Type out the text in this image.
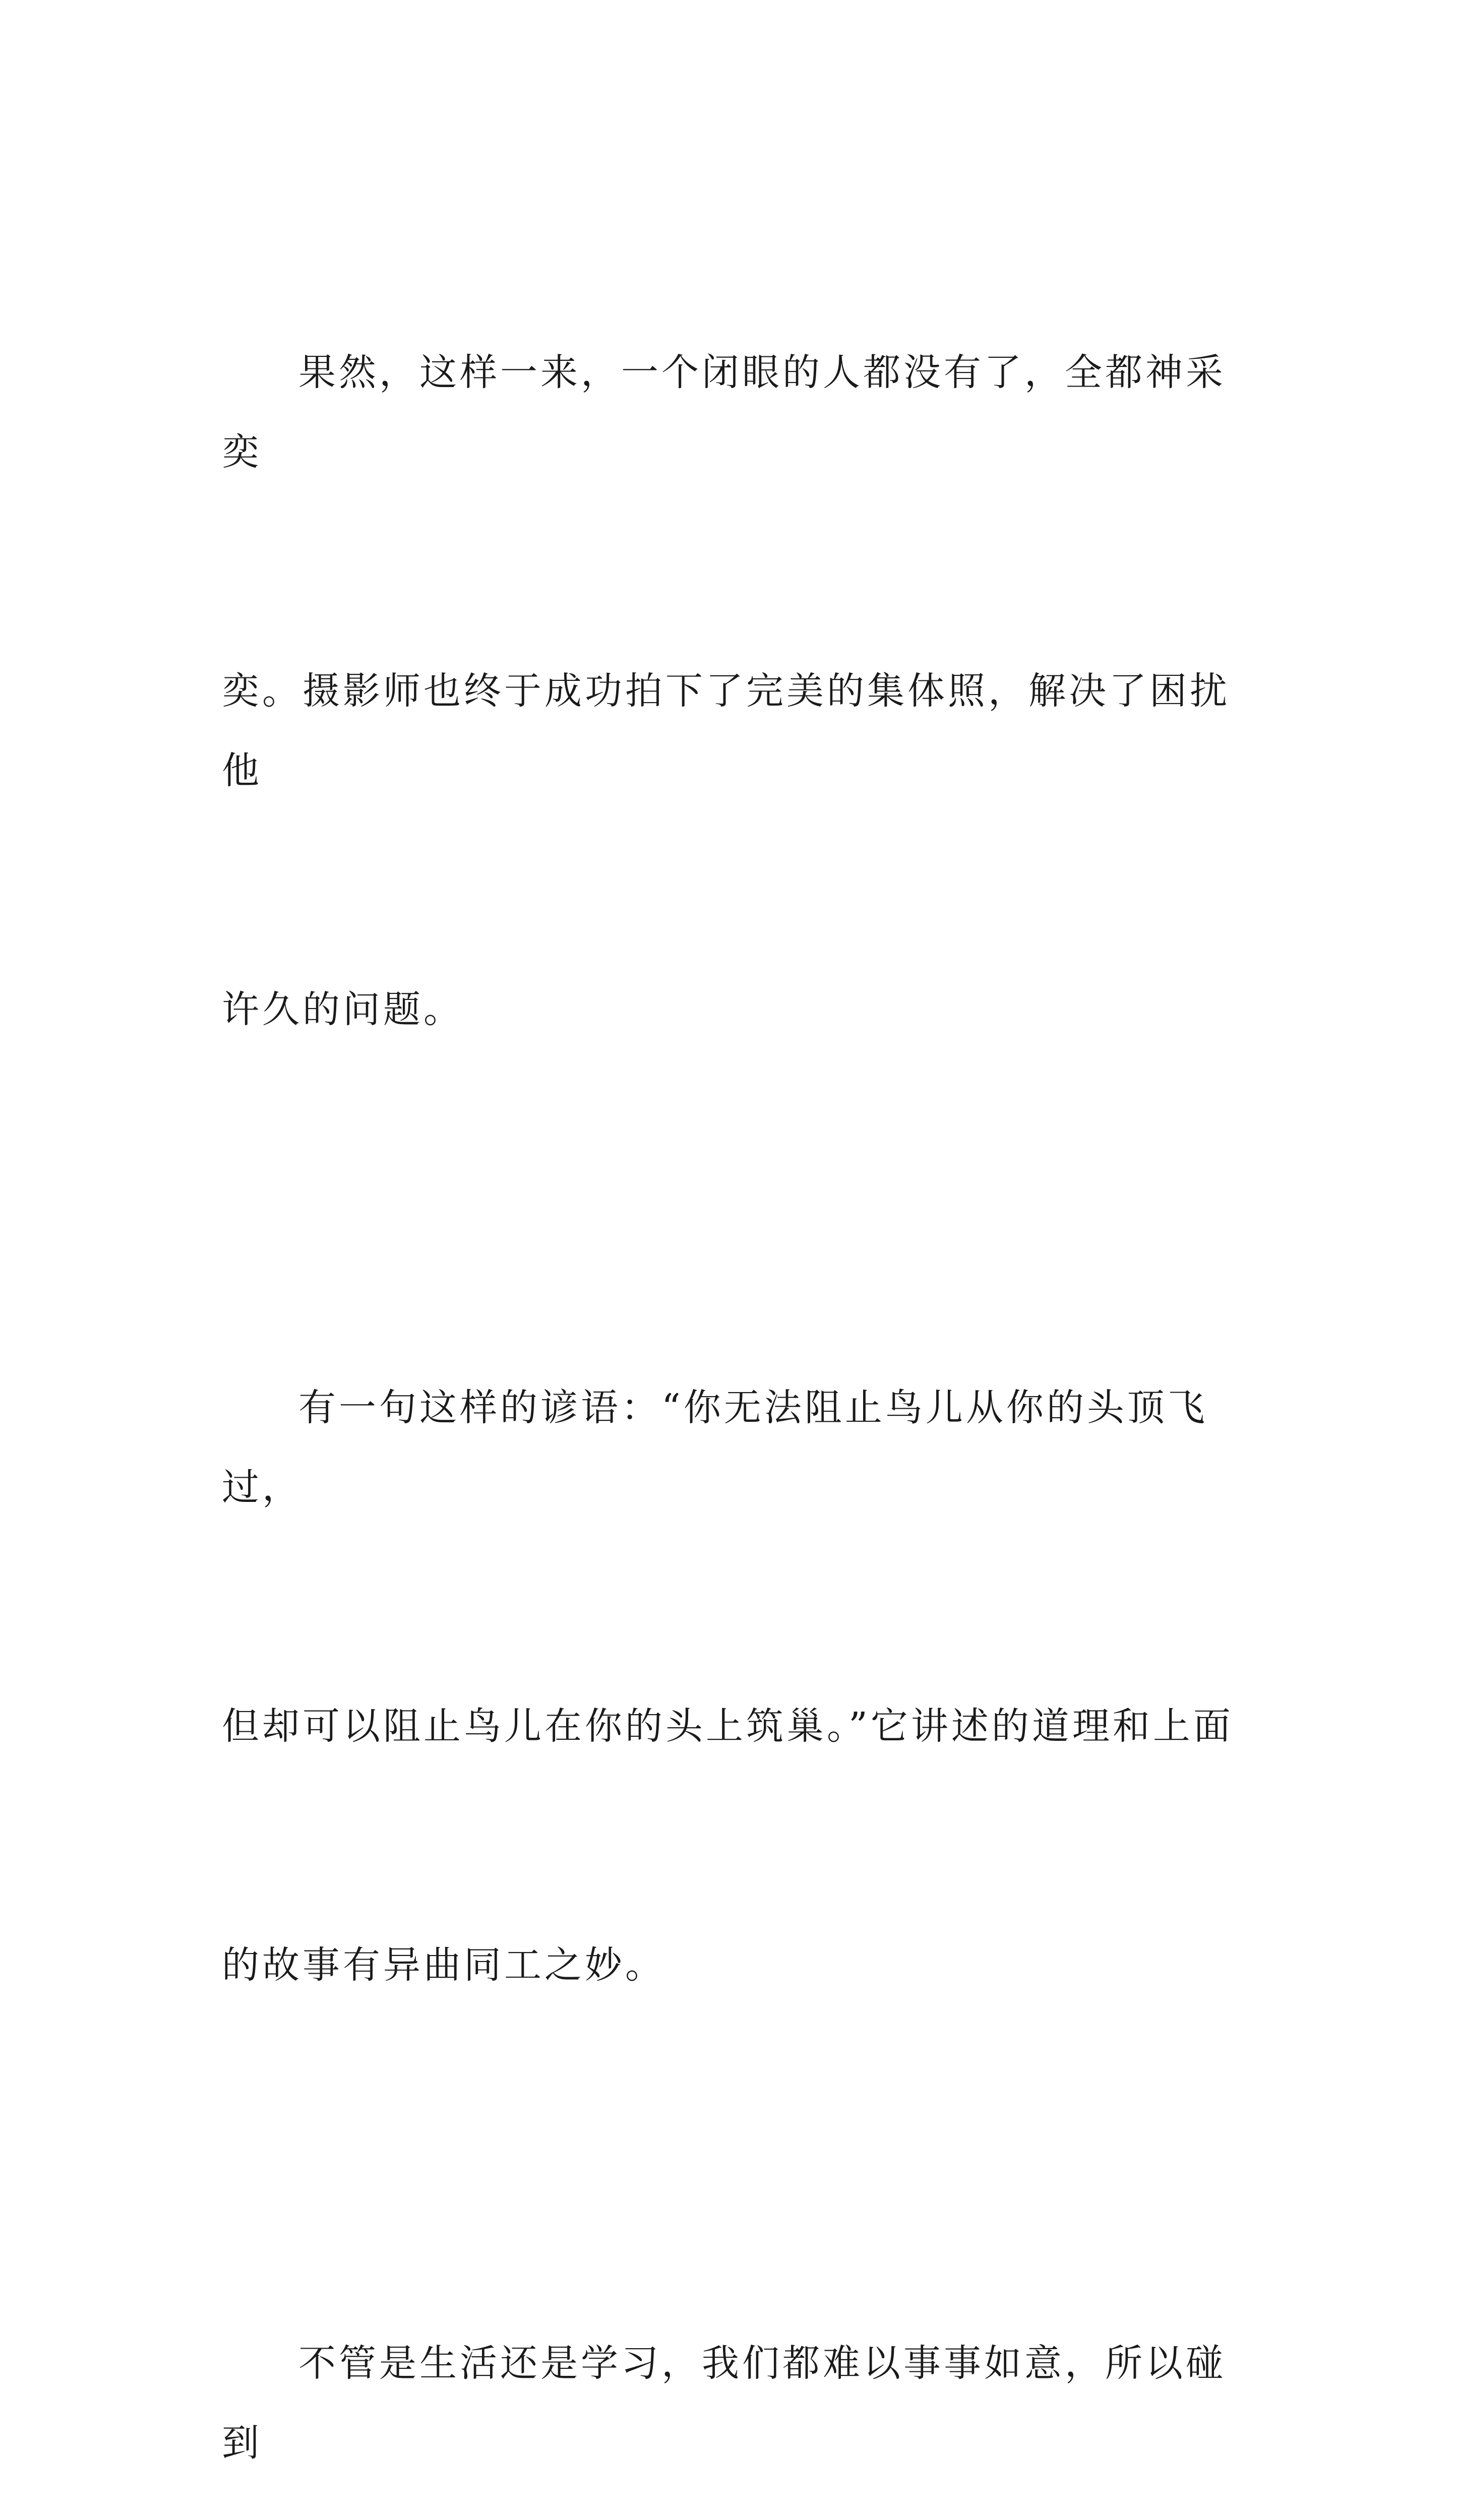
果然，这样一来，一个闭眼的人都没有了，全都神采奕

奕。摄影师也终于成功拍下了完美的集体照，解决了困扰他

许久的问题。

有一句这样的谚语：“你无法阻止鸟儿从你的头顶飞过，

但却可以阻止鸟儿在你的头上筑巢。”它讲述的道理和上面

的故事有异曲同工之妙。

不管是生活还是学习，我们都难以事事如意，所以碰到
